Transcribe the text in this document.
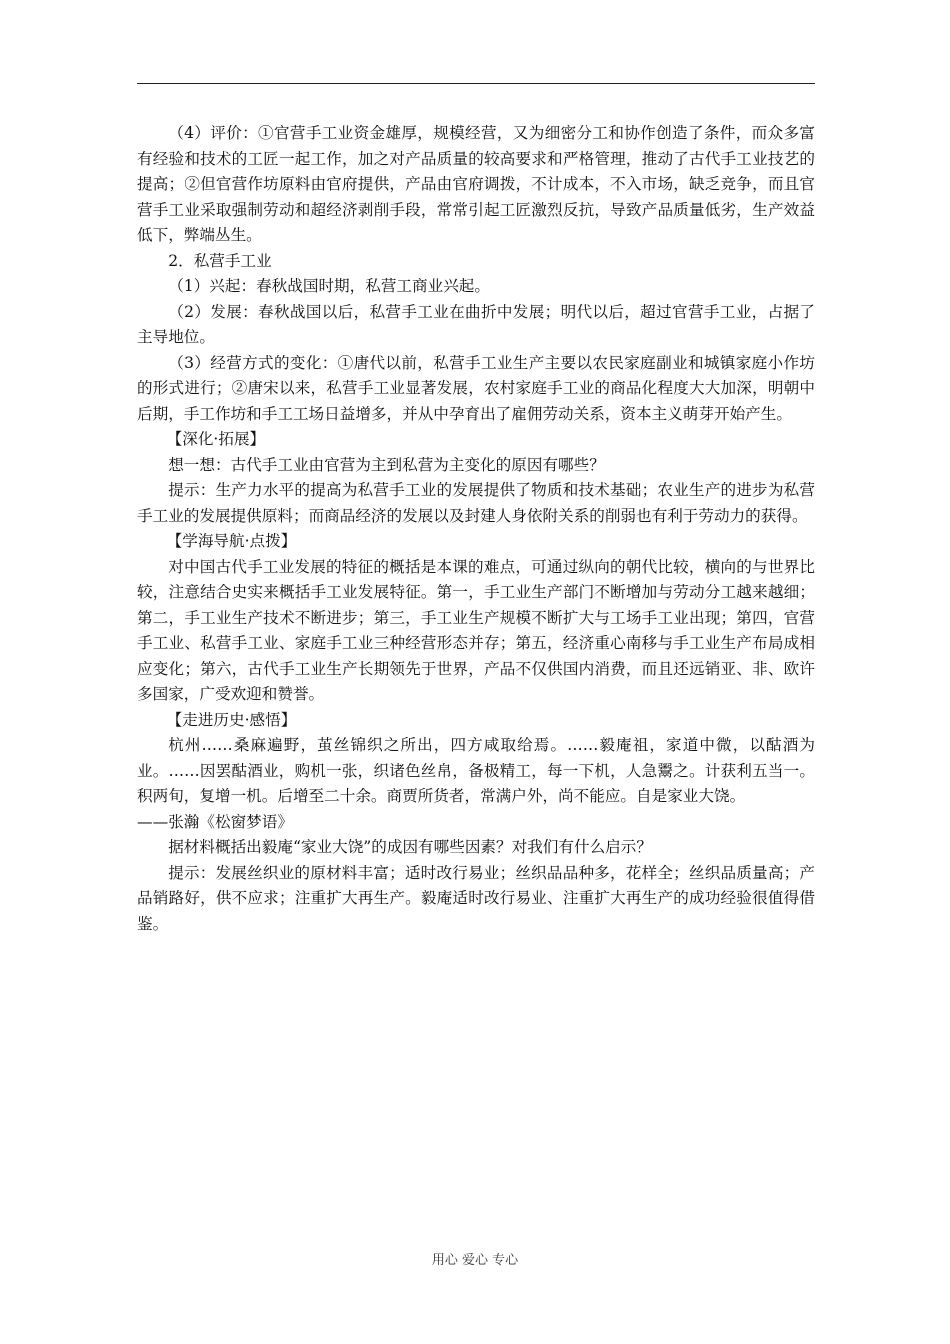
（4）评价：①官营手工业资金雄厚，规模经营，又为细密分工和协作创造了条件，而众多富有经验和技术的工匠一起工作，加之对产品质量的较高要求和严格管理，推动了古代手工业技艺的提高；②但官营作坊原料由官府提供，产品由官府调拨，不计成本，不入市场，缺乏竞争，而且官营手工业采取强制劳动和超经济剥削手段，常常引起工匠激烈反抗，导致产品质量低劣，生产效益低下，弊端丛生。

2．私营手工业

（1）兴起：春秋战国时期，私营工商业兴起。

（2）发展：春秋战国以后，私营手工业在曲折中发展；明代以后，超过官营手工业，占据了主导地位。

（3）经营方式的变化：①唐代以前，私营手工业生产主要以农民家庭副业和城镇家庭小作坊的形式进行；②唐宋以来，私营手工业显著发展，农村家庭手工业的商品化程度大大加深，明朝中后期，手工作坊和手工工场日益增多，并从中孕育出了雇佣劳动关系，资本主义萌芽开始产生。

【深化·拓展】

想一想：古代手工业由官营为主到私营为主变化的原因有哪些？

提示：生产力水平的提高为私营手工业的发展提供了物质和技术基础；农业生产的进步为私营手工业的发展提供原料；而商品经济的发展以及封建人身依附关系的削弱也有利于劳动力的获得。

【学海导航·点拨】

对中国古代手工业发展的特征的概括是本课的难点，可通过纵向的朝代比较，横向的与世界比较，注意结合史实来概括手工业发展特征。第一，手工业生产部门不断增加与劳动分工越来越细；第二，手工业生产技术不断进步；第三，手工业生产规模不断扩大与工场手工业出现；第四，官营手工业、私营手工业、家庭手工业三种经营形态并存；第五，经济重心南移与手工业生产布局成相应变化；第六，古代手工业生产长期领先于世界，产品不仅供国内消费，而且还远销亚、非、欧许多国家，广受欢迎和赞誉。

【走进历史·感悟】

杭州……桑麻遍野，茧丝锦织之所出，四方咸取给焉。……毅庵祖，家道中微，以酤酒为业。……因罢酤酒业，购机一张，织诸色丝帛，备极精工，每一下机，人急鬻之。计获利五当一。积两旬，复增一机。后增至二十余。商贾所货者，常满户外，尚不能应。自是家业大饶。

——张瀚《松窗梦语》

据材料概括出毅庵“家业大饶”的成因有哪些因素？对我们有什么启示？

提示：发展丝织业的原材料丰富；适时改行易业；丝织品品种多，花样全；丝织品质量高；产品销路好，供不应求；注重扩大再生产。毅庵适时改行易业、注重扩大再生产的成功经验很值得借鉴。

用心 爱心 专心
